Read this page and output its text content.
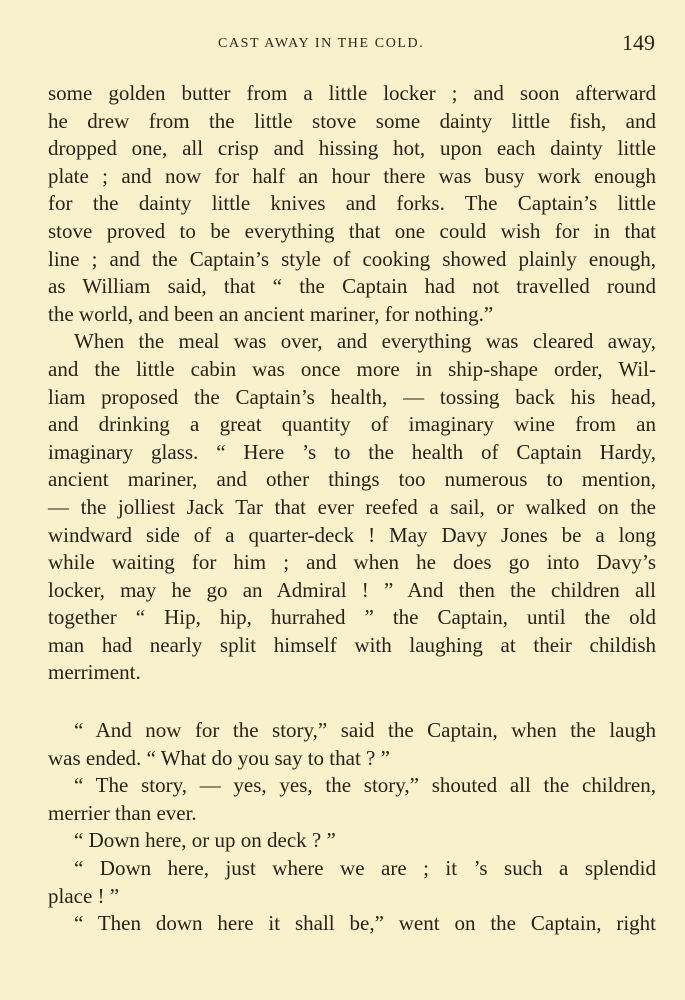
CAST AWAY IN THE COLD.	149
some golden butter from a little locker ; and soon afterward
he drew from the little stove some dainty little fish, and
dropped one, all crisp and hissing hot, upon each dainty little
plate ; and now for half an hour there was busy work enough
for the dainty little knives and forks. The Captain’s little
stove proved to be everything that one could wish for in that
line ; and the Captain’s style of cooking showed plainly enough,
as William said, that “ the Captain had not travelled round
the world, and been an ancient mariner, for nothing.”
When the meal was over, and everything was cleared away,
and the little cabin was once more in ship-shape order, Wil-
liam proposed the Captain’s health, — tossing back his head,
and drinking a great quantity of imaginary wine from an
imaginary glass. “ Here ’s to the health of Captain Hardy,
ancient mariner, and other things too numerous to mention,
— the jolliest Jack Tar that ever reefed a sail, or walked on the
windward side of a quarter-deck ! May Davy Jones be a long
while waiting for him ; and when he does go into Davy’s
locker, may he go an Admiral ! ” And then the children all
together “ Hip, hip, hurrahed ” the Captain, until the old
man had nearly split himself with laughing at their childish
merriment.
“ And now for the story,” said the Captain, when the laugh
was ended. “ What do you say to that ? ”
“ The story, — yes, yes, the story,” shouted all the children,
merrier than ever.
“ Down here, or up on deck ? ”
“ Down here, just where we are ; it ’s such a splendid
place ! ”
“ Then down here it shall be,” went on the Captain, right
